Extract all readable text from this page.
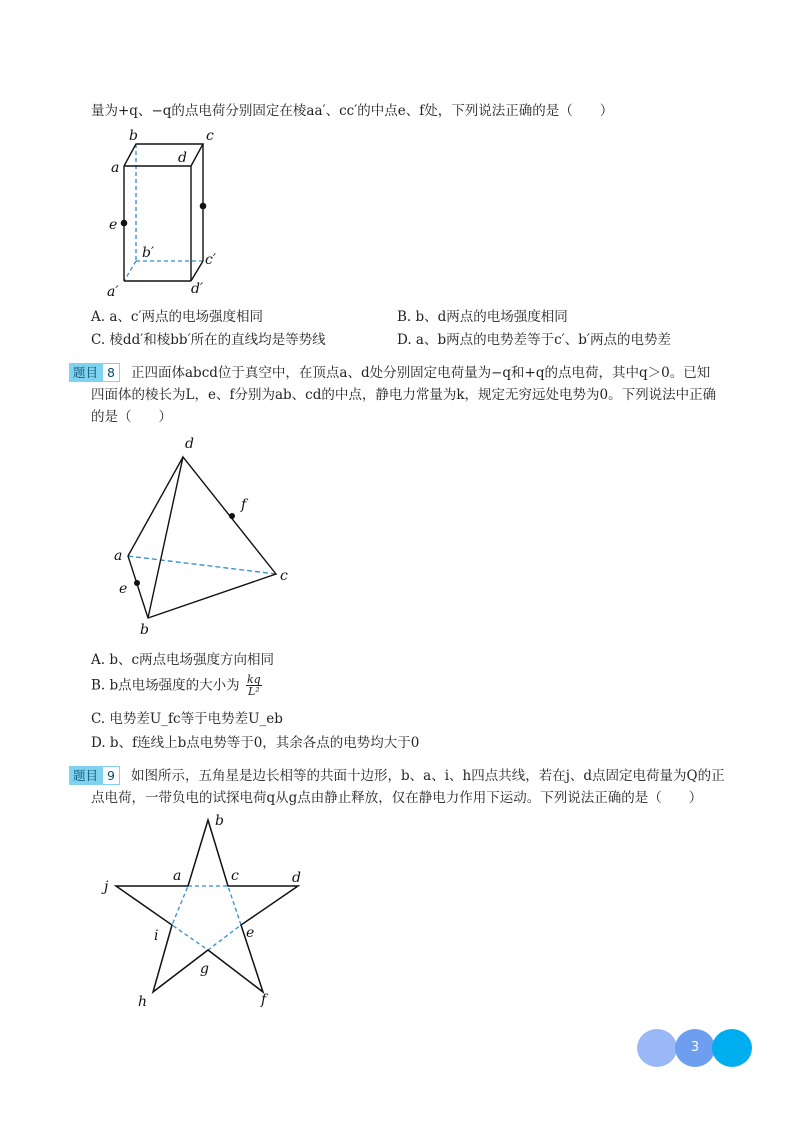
量为+q、−q的点电荷分别固定在棱aa′、cc′的中点e、f处，下列说法正确的是（　　）
b	c
a
d
e
b′	c′
a′	d′
A. a、c′两点的电场强度相同	B. b、d两点的电场强度相同
C. 棱dd′和棱bb′所在的直线均是等势线	D. a、b两点的电势差等于c′、b′两点的电势差
题目 8	正四面体abcd位于真空中，在顶点a、d处分别固定电荷量为−q和+q的点电荷，其中q＞0。已知
四面体的棱长为L，e、f分别为ab、cd的中点，静电力常量为k，规定无穷远处电势为0。下列说法中正确
的是（　　）
d
f
a
c
e
b
A. b、c两点电场强度方向相同
B. b点电场强度的大小为 $\frac{kq}{\text{L²}}$
C. 电势差U_fc等于电势差U_eb
D. b、f连线上b点电势等于0，其余各点的电势均大于0
题目 9	如图所示，五角星是边长相等的共面十边形，b、a、i、h四点共线，若在j、d点固定电荷量为Q的正
点电荷，一带负电的试探电荷q从g点由静止释放，仅在静电力作用下运动。下列说法正确的是（　　）
b
a	c
j
d
i	e
g
h	f
3
